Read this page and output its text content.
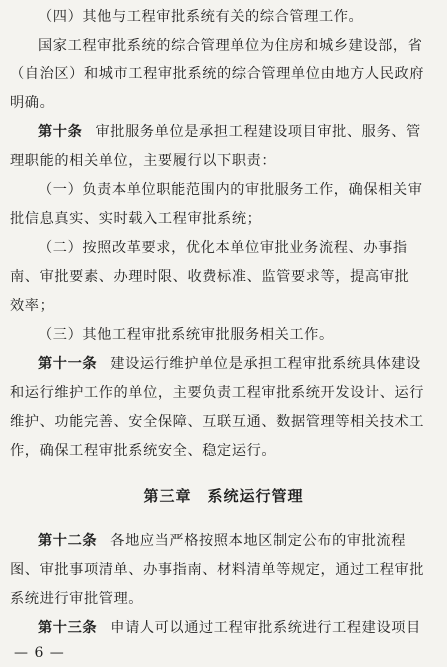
（四）其他与工程审批系统有关的综合管理工作。
国家工程审批系统的综合管理单位为住房和城乡建设部，省
（自治区）和城市工程审批系统的综合管理单位由地方人民政府
明确。
第十条 审批服务单位是承担工程建设项目审批、服务、管
理职能的相关单位，主要履行以下职责：
（一）负责本单位职能范围内的审批服务工作，确保相关审
批信息真实、实时载入工程审批系统；
（二）按照改革要求，优化本单位审批业务流程、办事指
南、审批要素、办理时限、收费标准、监管要求等，提高审批
效率；
（三）其他工程审批系统审批服务相关工作。
第十一条 建设运行维护单位是承担工程审批系统具体建设
和运行维护工作的单位，主要负责工程审批系统开发设计、运行
维护、功能完善、安全保障、互联互通、数据管理等相关技术工
作，确保工程审批系统安全、稳定运行。
第三章　系统运行管理
第十二条 各地应当严格按照本地区制定公布的审批流程
图、审批事项清单、办事指南、材料清单等规定，通过工程审批
系统进行审批管理。
第十三条 申请人可以通过工程审批系统进行工程建设项目
— 6 —
